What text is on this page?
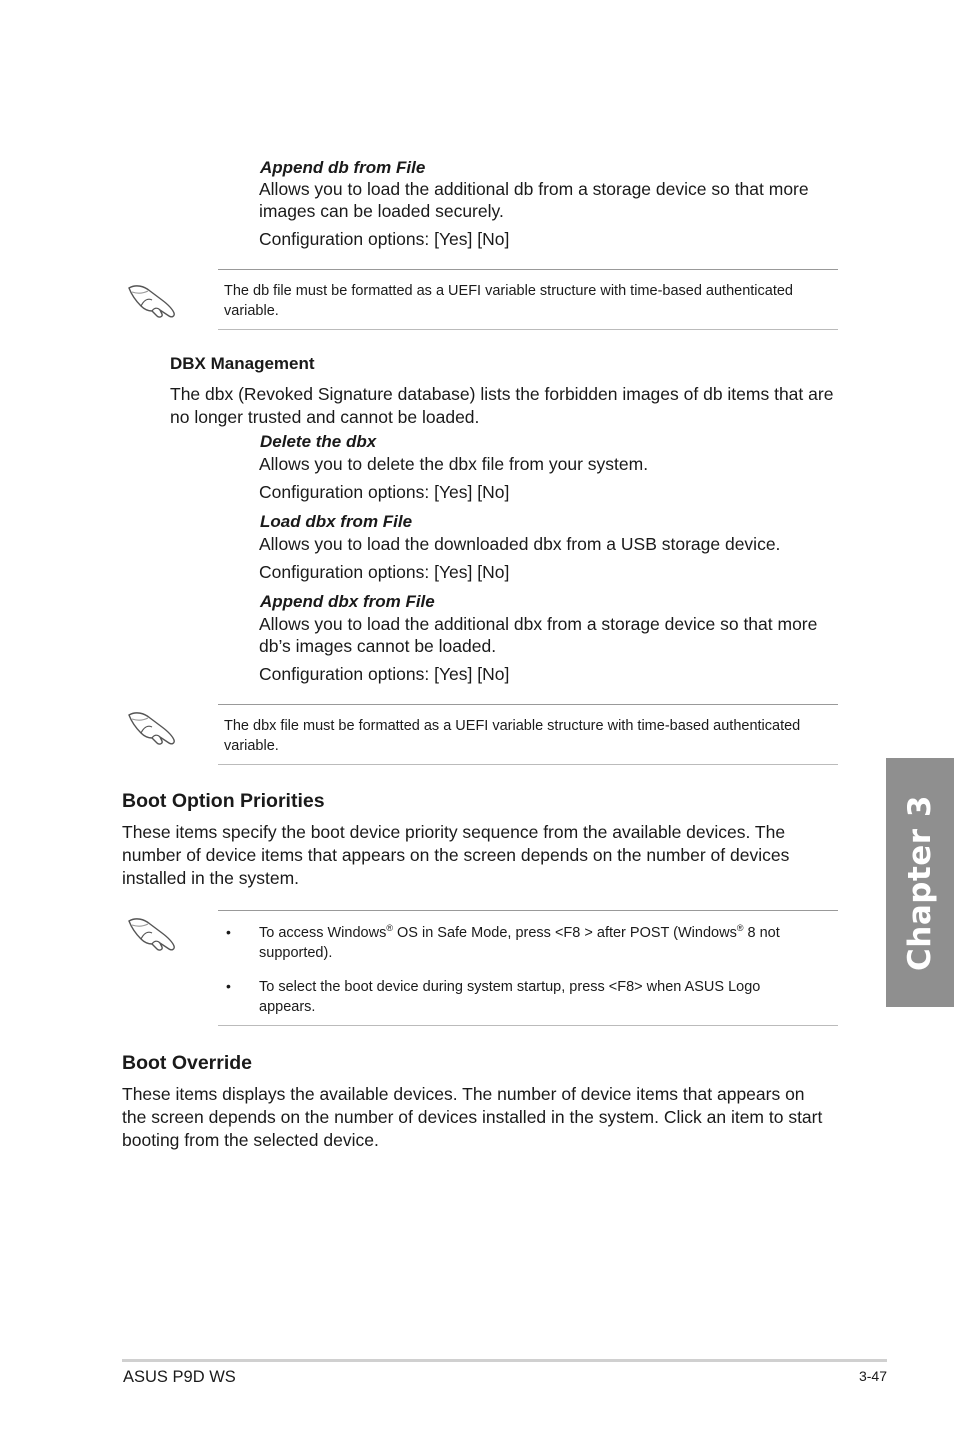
Append db from File
Allows you to load the additional db from a storage device so that more
images can be loaded securely.
Configuration options: [Yes] [No]
The db file must be formatted as a UEFI variable structure with time-based authenticated
variable.
DBX Management
The dbx (Revoked Signature database) lists the forbidden images of db items that are
no longer trusted and cannot be loaded.
Delete the dbx
Allows you to delete the dbx file from your system.
Configuration options: [Yes] [No]
Load dbx from File
Allows you to load the downloaded dbx from a USB storage device.
Configuration options: [Yes] [No]
Append dbx from File
Allows you to load the additional dbx from a storage device so that more
db’s images cannot be loaded.
Configuration options: [Yes] [No]
The dbx file must be formatted as a UEFI variable structure with time-based authenticated
variable.
Boot Option Priorities
These items specify the boot device priority sequence from the available devices. The
number of device items that appears on the screen depends on the number of devices
installed in the system.
• To access Windows® OS in Safe Mode, press <F8 > after POST (Windows® 8 not
supported).
• To select the boot device during system startup, press <F8> when ASUS Logo
appears.
Boot Override
These items displays the available devices. The number of device items that appears on
the screen depends on the number of devices installed in the system. Click an item to start
booting from the selected device.
Chapter 3
ASUS P9D WS	3-47
